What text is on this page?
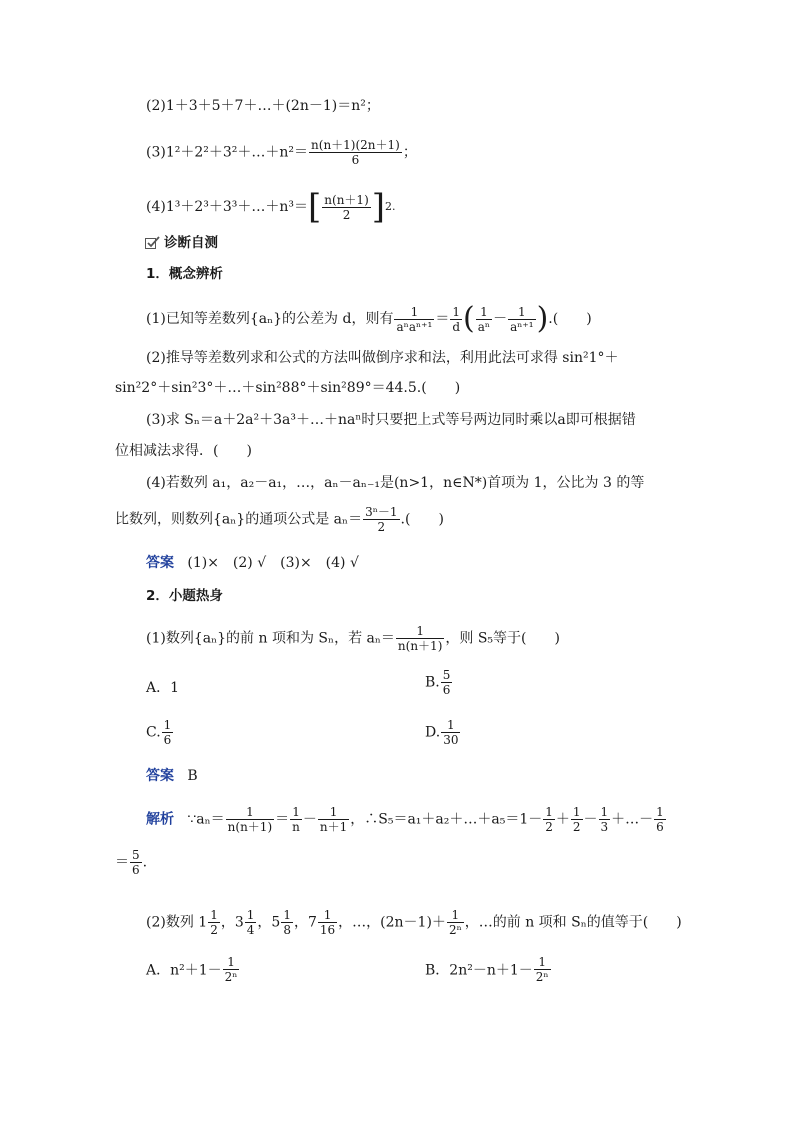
(2)1＋3＋5＋7＋…＋(2n－1)＝n²；
(3)1²＋2²＋3²＋…＋n²＝ $\frac{n(n+1)(2n+1)}{6}$ ；
(4)1³＋2³＋3³＋…＋n³＝[ $\frac{n(n+1)}{2} ]2$.
诊断自测
1．概念辨析
(1)已知等差数列{aₙ}的公差为 d，则有 $\frac{1}{\text{aⁿaⁿ⁺¹}} = \frac{1}{d}$ ( $\frac{1}{\text{aⁿ}} - \frac{1}{\text{aⁿ⁺¹}}$ ).(　　)
(2)推导等差数列求和公式的方法叫做倒序求和法，利用此法可求得 sin²1°＋
sin²2°＋sin²3°＋…＋sin²88°＋sin²89°＝44.5.(　　)
(3)求 Sₙ＝a＋2a²＋3a³＋…＋naⁿ时只要把上式等号两边同时乘以a即可根据错
位相减法求得．(　　)
(4)若数列 a₁，a₂－a₁，…，aₙ－aₙ₋₁是(n>1，n∈N*)首项为 1，公比为 3 的等
比数列，则数列{aₙ}的通项公式是 $a_n= \frac{\text{3ⁿ－1}}{2}$ .(　　)
答案 (1)×　(2) √　(3)×　(4) √
2．小题热身
(1)数列{aₙ}的前 n 项和为 Sₙ，若 $a_n= \frac{1}{n(n+1)}$ ，则 S₅等于(　　)
A．1	B. $\frac{5}{6}$
C. $\frac{1}{6}$	D. $\frac{1}{30}$
答案 B
解析 ∵aₙ＝ $\frac{1}{n(n+1)} = \frac{1}{n} - \frac{1}{n+1}$ ，∴S₅＝a₁＋a₂＋…＋a₅＝1－ $\frac{1}{2} + \frac{1}{2} - \frac{1}{3}$ ＋…－ $\frac{1}{6}$
＝ $\frac{5}{6}$ .
(2)数列 $1 \frac{1}{2}$ ，$3 \frac{1}{4}$ ，$5 \frac{1}{8}$ ，$7 \frac{1}{16}$ ，…，$(2n-1)+ \frac{1}{\text{2ⁿ}}$ ，…的前 n 项和 Sₙ的值等于(　　)
A．$n^2+1- \frac{1}{\text{2ⁿ}}$	B．$2n^2-n+1- \frac{1}{\text{2ⁿ}}$
